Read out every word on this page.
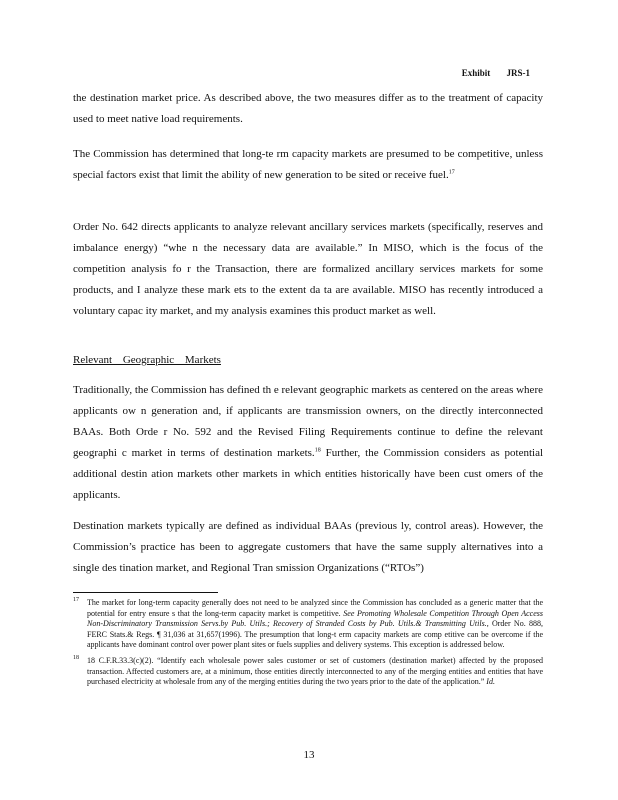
Exhibit JRS-1
the destination market price. As described above, the two measures differ as to the treatment of capacity used to meet native load requirements.
The Commission has determined that long-te rm capacity markets are presumed to be competitive, unless special factors exist that limit the ability of new generation to be sited or receive fuel.$^{17}$
Order No. 642 directs applicants to analyze relevant ancillary services markets (specifically, reserves and imbalance energy) “whe n the necessary data are available.” In MISO, which is the focus of the competition analysis fo r the Transaction, there are formalized ancillary services markets for some products, and I analyze these mark ets to the extent da ta are available. MISO has recently introduced a voluntary capac ity market, and my analysis examines this product market as well.
Relevant Geographic Markets
Traditionally, the Commission has defined th e relevant geographic markets as centered on the areas where applicants ow n generation and, if applicants are transmission owners, on the directly interconnected BAAs. Both Orde r No. 592 and the Revised Filing Requirements continue to define the relevant geographi c market in terms of destination markets.$^{18}$ Further, the Commission considers as potential additional destin ation markets other markets in which entities historically have been cust omers of the applicants.
Destination markets typically are defined as individual BAAs (previous ly, control areas). However, the Commission’s practice has been to aggregate customers that have the same supply alternatives into a single des tination market, and Regional Tran smission Organizations (“RTOs”)
17 The market for long-term capacity generally does not need to be analyzed since the Commission has concluded as a generic matter that the potential for entry ensure s that the long-term capacity market is competitive. See Promoting Wholesale Competition Through Open Access Non-Discriminatory Transmission Servs.by Pub. Utils.; Recovery of Stranded Costs by Pub. Utils.& Transmitting Utils., Order No. 888, FERC Stats.& Regs. ¶ 31,036 at 31,657(1996). The presumption that long-t erm capacity markets are comp etitive can be overcome if the applicants have dominant control over power plant sites or fuels supplies and delivery systems. This exception is addressed below.
18 18 C.F.R.33.3(c)(2). “Identify each wholesale power sales customer or set of customers (destination market) affected by the proposed transaction. Affected customers are, at a minimum, those entities directly interconnected to any of the merging entities and entities that have purchased electricity at wholesale from any of the merging entities during the two years prior to the date of the application.” Id.
13
